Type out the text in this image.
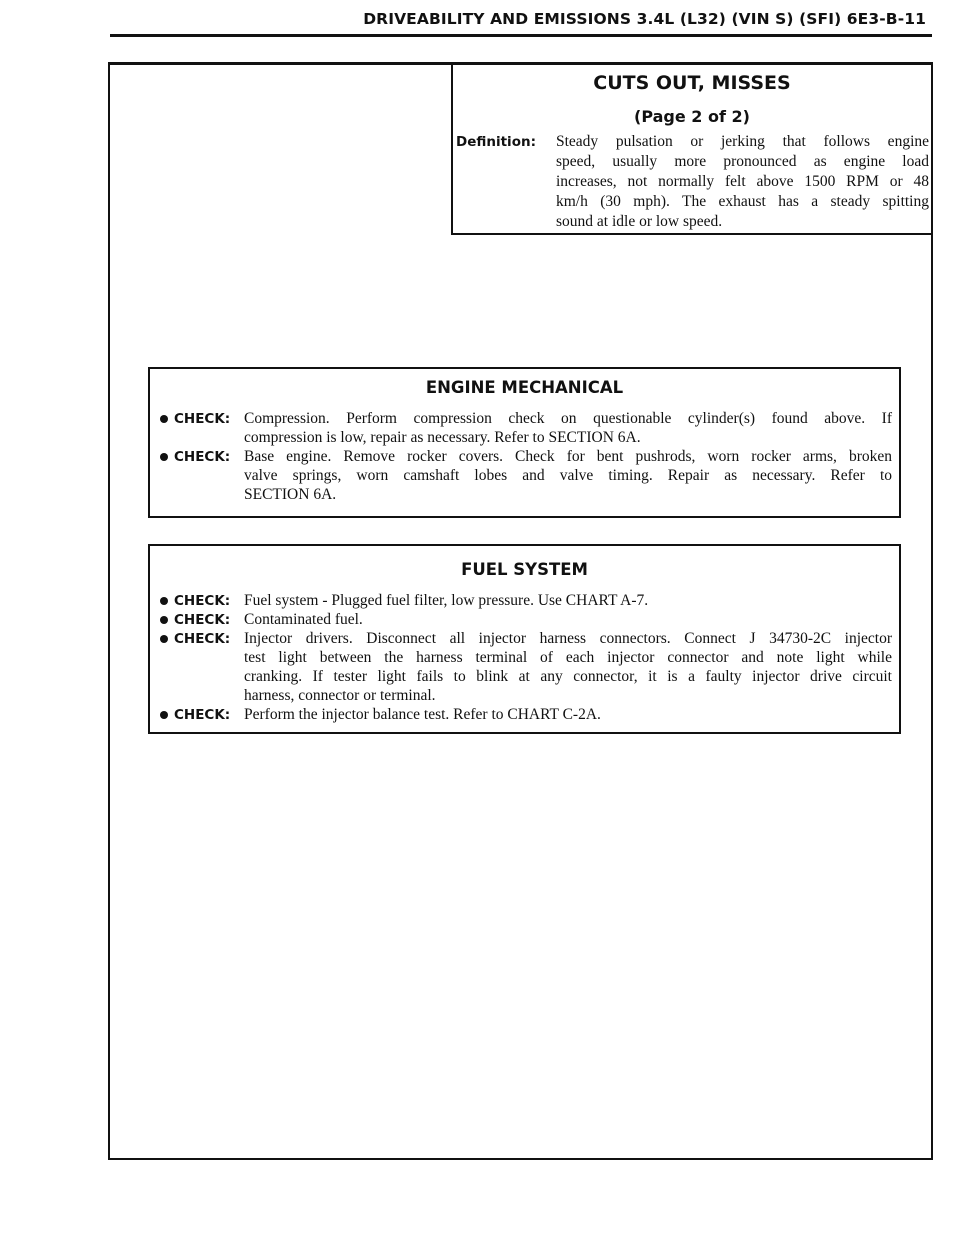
DRIVEABILITY AND EMISSIONS 3.4L (L32) (VIN S) (SFI) 6E3-B-11
CUTS OUT, MISSES
(Page 2 of 2)
Definition: Steady pulsation or jerking that follows engine
speed, usually more pronounced as engine load
increases, not normally felt above 1500 RPM or 48
km/h (30 mph). The exhaust has a steady spitting
sound at idle or low speed.
ENGINE MECHANICAL
CHECK: Compression. Perform compression check on questionable cylinder(s) found above. If
compression is low, repair as necessary. Refer to SECTION 6A.
CHECK: Base engine. Remove rocker covers. Check for bent pushrods, worn rocker arms, broken
valve springs, worn camshaft lobes and valve timing. Repair as necessary. Refer to
SECTION 6A.
FUEL SYSTEM
CHECK: Fuel system - Plugged fuel filter, low pressure. Use CHART A-7.
CHECK: Contaminated fuel.
CHECK: Injector drivers. Disconnect all injector harness connectors. Connect J 34730-2C injector
test light between the harness terminal of each injector connector and note light while
cranking. If tester light fails to blink at any connector, it is a faulty injector drive circuit
harness, connector or terminal.
CHECK: Perform the injector balance test. Refer to CHART C-2A.
